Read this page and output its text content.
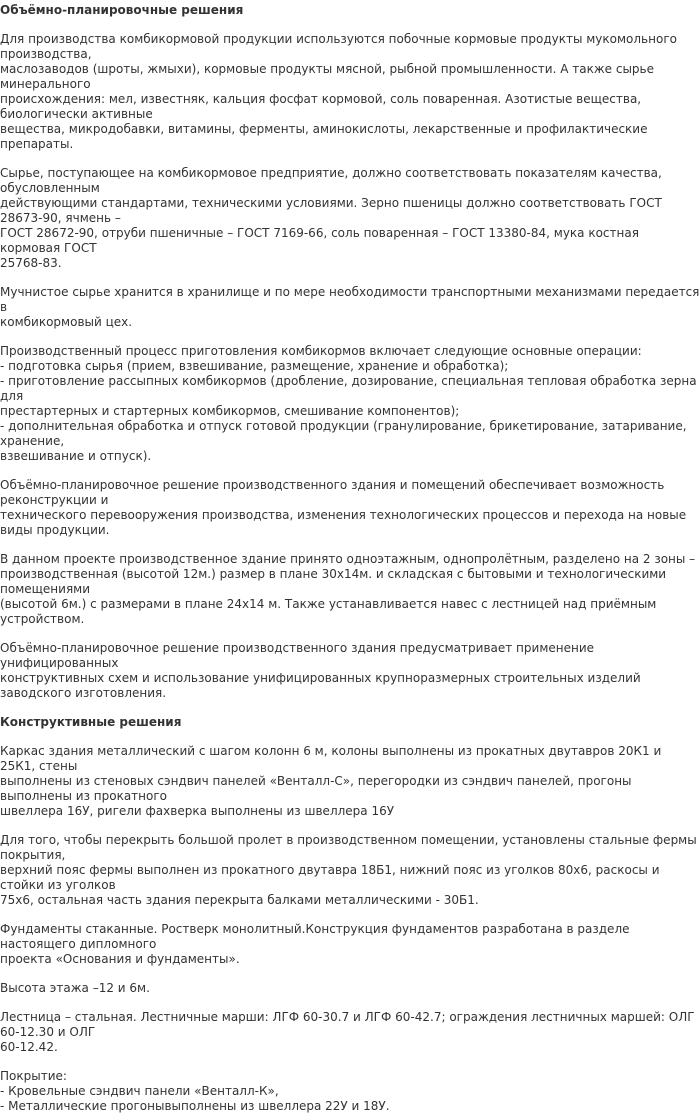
Объёмно-планировочные решения

Для производства комбикормовой продукции используются побочные кормовые продукты мукомольного производства,
маслозаводов (шроты, жмыхи), кормовые продукты мясной, рыбной промышленности. А также сырье минерального
происхождения: мел, известняк, кальция фосфат кормовой, соль поваренная. Азотистые вещества, биологически активные
вещества, микродобавки, витамины, ферменты, аминокислоты, лекарственные и профилактические препараты.

Сырье, поступающее на комбикормовое предприятие, должно соответствовать показателям качества, обусловленным
действующими стандартами, техническими условиями. Зерно пшеницы должно соответствовать ГОСТ 28673-90, ячмень –
ГОСТ 28672-90, отруби пшеничные – ГОСТ 7169-66, соль поваренная – ГОСТ 13380-84, мука костная кормовая ГОСТ
25768-83.

Мучнистое сырье хранится в хранилище и по мере необходимости транспортными механизмами передается в
комбикормовый цех.

Производственный процесс приготовления комбикормов включает следующие основные операции:
- подготовка сырья (прием, взвешивание, размещение, хранение и обработка);
- приготовление рассыпных комбикормов (дробление, дозирование, специальная тепловая обработка зерна для
престартерных и стартерных комбикормов, смешивание компонентов);
- дополнительная обработка и отпуск готовой продукции (гранулирование, брикетирование, затаривание, хранение,
взвешивание и отпуск).

Объёмно-планировочное решение производственного здания и помещений обеспечивает возможность реконструкции и
технического перевооружения производства, изменения технологических процессов и перехода на новые виды продукции.

В данном проекте производственное здание принято одноэтажным, однопролётным, разделено на 2 зоны –
производственная (высотой 12м.) размер в плане 30х14м. и складская с бытовыми и технологическими помещениями
(высотой 6м.) с размерами в плане 24х14 м. Также устанавливается навес с лестницей над приёмным устройством.

Объёмно-планировочное решение производственного здания предусматривает применение унифицированных
конструктивных схем и использование унифицированных крупноразмерных строительных изделий заводского изготовления.

Конструктивные решения

Каркас здания металлический с шагом колонн 6 м, колоны выполнены из прокатных двутавров 20К1 и 25К1, стены
выполнены из стеновых сэндвич панелей «Венталл-С», перегородки из сэндвич панелей, прогоны выполнены из прокатного
швеллера 16У, ригели фахверка выполнены из швеллера 16У

Для того, чтобы перекрыть большой пролет в производственном помещении, установлены стальные фермы покрытия,
верхний пояс фермы выполнен из прокатного двутавра 18Б1, нижний пояс из уголков 80х6, раскосы и стойки из уголков
75х6, остальная часть здания перекрыта балками металлическими - 30Б1.

Фундаменты стаканные. Ростверк монолитный.Конструкция фундаментов разработана в разделе настоящего дипломного
проекта «Основания и фундаменты».

Высота этажа –12 и 6м.

Лестница – стальная. Лестничные марши: ЛГФ 60-30.7 и ЛГФ 60-42.7; ограждения лестничных маршей: ОЛГ 60-12.30 и ОЛГ
60-12.42.

Покрытие:
- Кровельные сэндвич панели «Венталл-К»,
- Металлические прогонывыполнены из швеллера 22У и 18У.
